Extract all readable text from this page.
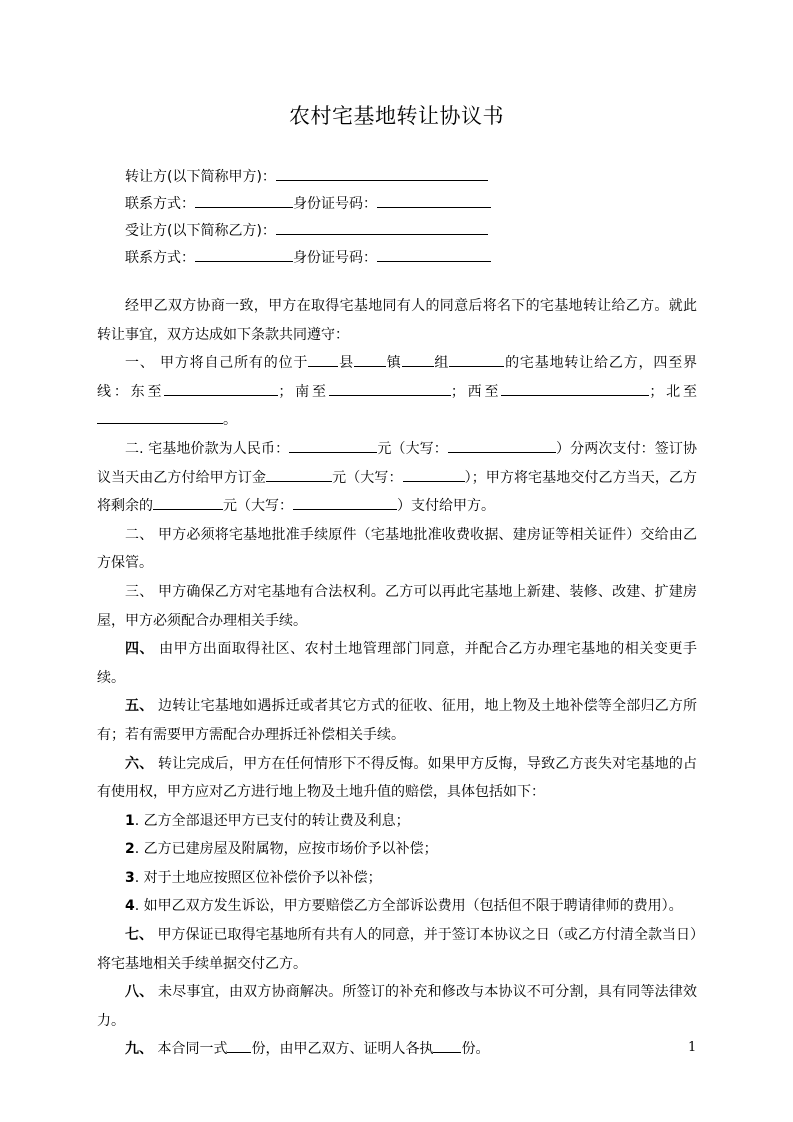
农村宅基地转让协议书
转让方(以下简称甲方)：
联系方式：	身份证号码：
受让方(以下简称乙方)：
联系方式：	身份证号码：

经甲乙双方协商一致，甲方在取得宅基地同有人的同意后将名下的宅基地转让给乙方。就此转让事宜，双方达成如下条款共同遵守：

一、 甲方将自己所有的位于 县 镇 组	的宅基地转让给乙方，四至界线：东至	；南至	；西至	；北至。

二. 宅基地价款为人民币：	元（大写：	）分两次支付：签订协议当天由乙方付给甲方订金	元（大写：	）；甲方将宅基地交付乙方当天，乙方将剩余的	元（大写：	）支付给甲方。

二、 甲方必须将宅基地批准手续原件（宅基地批准收费收据、建房证等相关证件）交给由乙方保管。

三、 甲方确保乙方对宅基地有合法权利。乙方可以再此宅基地上新建、装修、改建、扩建房屋，甲方必须配合办理相关手续。

四、 由甲方出面取得社区、农村土地管理部门同意，并配合乙方办理宅基地的相关变更手续。

五、 边转让宅基地如遇拆迁或者其它方式的征收、征用，地上物及土地补偿等全部归乙方所有；若有需要甲方需配合办理拆迁补偿相关手续。

六、 转让完成后，甲方在任何情形下不得反悔。如果甲方反悔，导致乙方丧失对宅基地的占有使用权，甲方应对乙方进行地上物及土地升值的赔偿，具体包括如下：

1. 乙方全部退还甲方已支付的转让费及利息；

2. 乙方已建房屋及附属物，应按市场价予以补偿；

3. 对于土地应按照区位补偿价予以补偿；

4. 如甲乙双方发生诉讼，甲方要赔偿乙方全部诉讼费用（包括但不限于聘请律师的费用）。

七、 甲方保证已取得宅基地所有共有人的同意，并于签订本协议之日（或乙方付清全款当日）将宅基地相关手续单据交付乙方。

八、 未尽事宜，由双方协商解决。所签订的补充和修改与本协议不可分割，具有同等法律效力。

九、 本合同一式 份，由甲乙双方、证明人各执 份。	1
